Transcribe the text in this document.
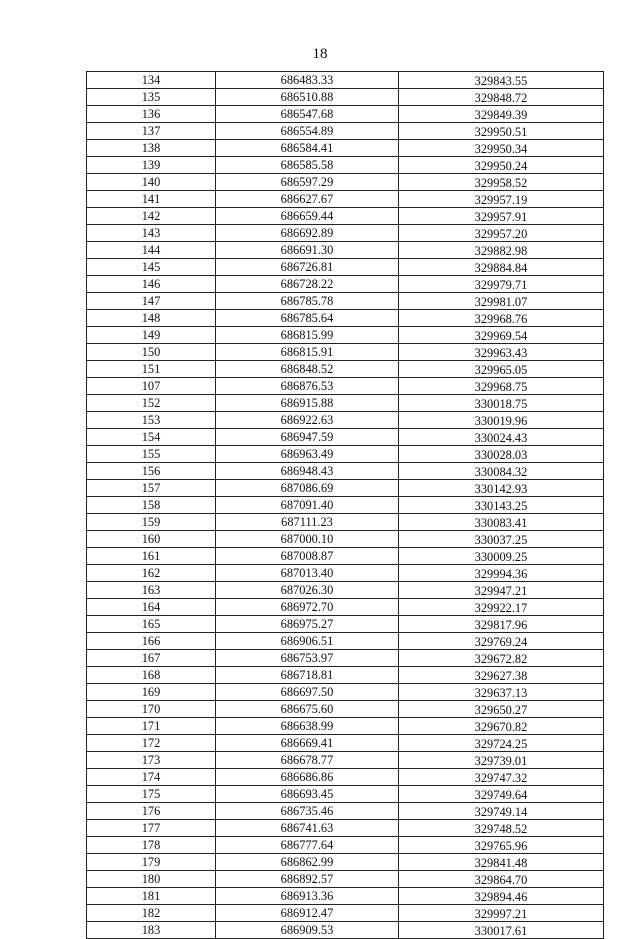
18
134	686483.33	329843.55
135	686510.88	329848.72
136	686547.68	329849.39
137	686554.89	329950.51
138	686584.41	329950.34
139	686585.58	329950.24
140	686597.29	329958.52
141	686627.67	329957.19
142	686659.44	329957.91
143	686692.89	329957.20
144	686691.30	329882.98
145	686726.81	329884.84
146	686728.22	329979.71
147	686785.78	329981.07
148	686785.64	329968.76
149	686815.99	329969.54
150	686815.91	329963.43
151	686848.52	329965.05
107	686876.53	329968.75
152	686915.88	330018.75
153	686922.63	330019.96
154	686947.59	330024.43
155	686963.49	330028.03
156	686948.43	330084.32
157	687086.69	330142.93
158	687091.40	330143.25
159	687111.23	330083.41
160	687000.10	330037.25
161	687008.87	330009.25
162	687013.40	329994.36
163	687026.30	329947.21
164	686972.70	329922.17
165	686975.27	329817.96
166	686906.51	329769.24
167	686753.97	329672.82
168	686718.81	329627.38
169	686697.50	329637.13
170	686675.60	329650.27
171	686638.99	329670.82
172	686669.41	329724.25
173	686678.77	329739.01
174	686686.86	329747.32
175	686693.45	329749.64
176	686735.46	329749.14
177	686741.63	329748.52
178	686777.64	329765.96
179	686862.99	329841.48
180	686892.57	329864.70
181	686913.36	329894.46
182	686912.47	329997.21
183	686909.53	330017.61
